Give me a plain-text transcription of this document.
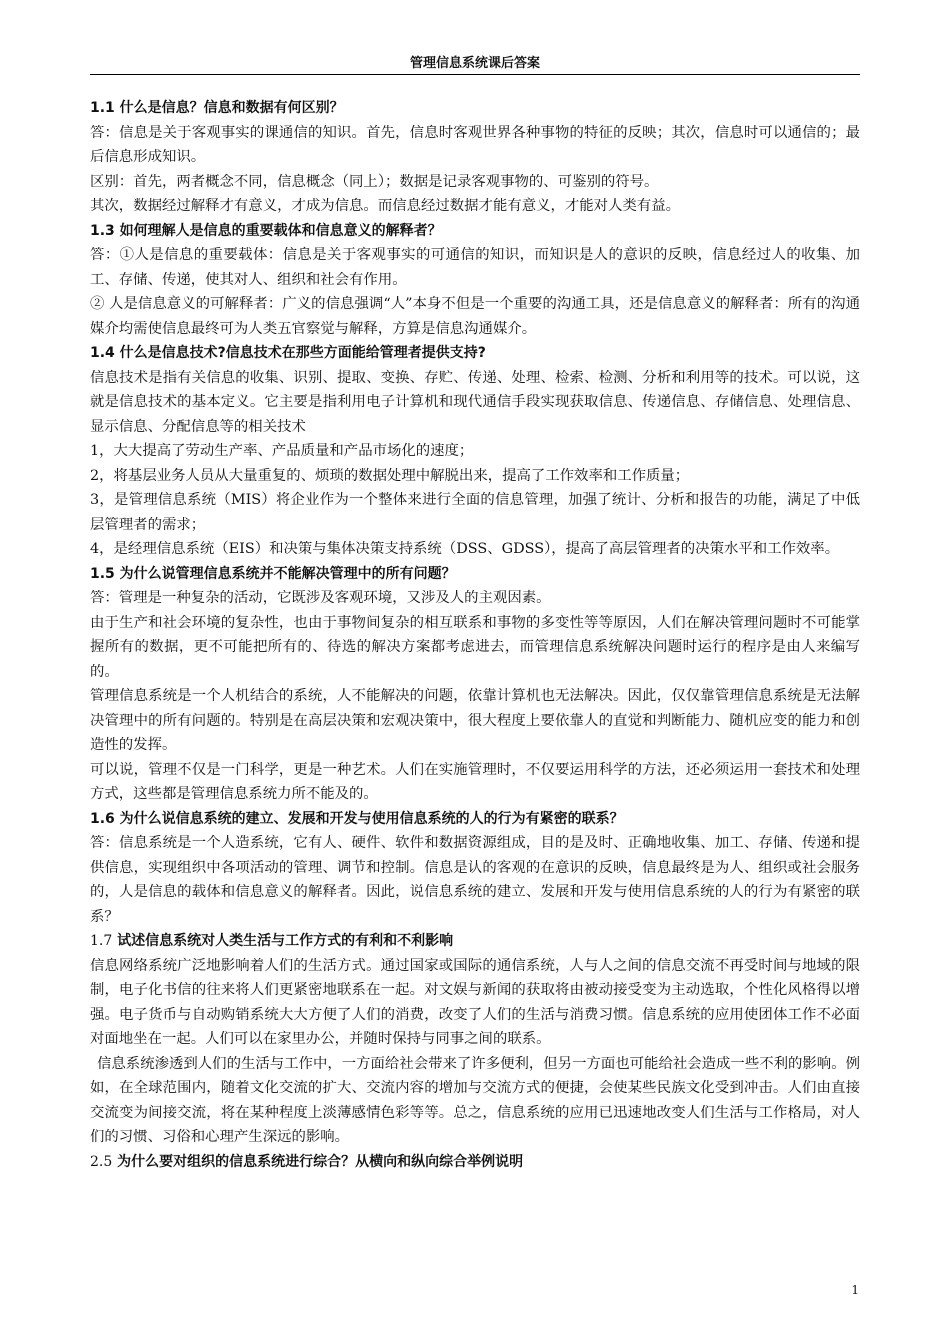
管理信息系统课后答案

1.1 什么是信息？信息和数据有何区别？

答：信息是关于客观事实的课通信的知识。首先，信息时客观世界各种事物的特征的反映；其次，信息时可以通信的；最后信息形成知识。

区别：首先，两者概念不同，信息概念（同上）；数据是记录客观事物的、可鉴别的符号。

其次，数据经过解释才有意义，才成为信息。而信息经过数据才能有意义，才能对人类有益。

1.3 如何理解人是信息的重要载体和信息意义的解释者？

答：①人是信息的重要载体：信息是关于客观事实的可通信的知识，而知识是人的意识的反映，信息经过人的收集、加工、存储、传递，使其对人、组织和社会有作用。

② 人是信息意义的可解释者：广义的信息强调“人”本身不但是一个重要的沟通工具，还是信息意义的解释者：所有的沟通媒介均需使信息最终可为人类五官察觉与解释，方算是信息沟通媒介。

1.4 什么是信息技术?信息技术在那些方面能给管理者提供支持?

信息技术是指有关信息的收集、识别、提取、变换、存贮、传递、处理、检索、检测、分析和利用等的技术。可以说，这就是信息技术的基本定义。它主要是指利用电子计算机和现代通信手段实现获取信息、传递信息、存储信息、处理信息、显示信息、分配信息等的相关技术

1，大大提高了劳动生产率、产品质量和产品市场化的速度；

2，将基层业务人员从大量重复的、烦琐的数据处理中解脱出来，提高了工作效率和工作质量；

3，是管理信息系统（MIS）将企业作为一个整体来进行全面的信息管理，加强了统计、分析和报告的功能，满足了中低层管理者的需求；

4，是经理信息系统（EIS）和决策与集体决策支持系统（DSS、GDSS），提高了高层管理者的决策水平和工作效率。

1.5 为什么说管理信息系统并不能解决管理中的所有问题？

答：管理是一种复杂的活动，它既涉及客观环境，又涉及人的主观因素。

由于生产和社会环境的复杂性，也由于事物间复杂的相互联系和事物的多变性等等原因，人们在解决管理问题时不可能掌握所有的数据，更不可能把所有的、待选的解决方案都考虑进去，而管理信息系统解决问题时运行的程序是由人来编写的。

管理信息系统是一个人机结合的系统，人不能解决的问题，依靠计算机也无法解决。因此，仅仅靠管理信息系统是无法解决管理中的所有问题的。特别是在高层决策和宏观决策中，很大程度上要依靠人的直觉和判断能力、随机应变的能力和创造性的发挥。

可以说，管理不仅是一门科学，更是一种艺术。人们在实施管理时，不仅要运用科学的方法，还必须运用一套技术和处理方式，这些都是管理信息系统力所不能及的。

1.6 为什么说信息系统的建立、发展和开发与使用信息系统的人的行为有紧密的联系？

答：信息系统是一个人造系统，它有人、硬件、软件和数据资源组成，目的是及时、正确地收集、加工、存储、传递和提供信息，实现组织中各项活动的管理、调节和控制。信息是认的客观的在意识的反映，信息最终是为人、组织或社会服务的，人是信息的载体和信息意义的解释者。因此，说信息系统的建立、发展和开发与使用信息系统的人的行为有紧密的联系？

1.7 试述信息系统对人类生活与工作方式的有利和不利影响

信息网络系统广泛地影响着人们的生活方式。通过国家或国际的通信系统，人与人之间的信息交流不再受时间与地域的限制，电子化书信的往来将人们更紧密地联系在一起。对文娱与新闻的获取将由被动接受变为主动选取，个性化风格得以增强。电子货币与自动购销系统大大方便了人们的消费，改变了人们的生活与消费习惯。信息系统的应用使团体工作不必面对面地坐在一起。人们可以在家里办公，并随时保持与同事之间的联系。

信息系统渗透到人们的生活与工作中，一方面给社会带来了许多便利，但另一方面也可能给社会造成一些不利的影响。例如，在全球范围内，随着文化交流的扩大、交流内容的增加与交流方式的便捷，会使某些民族文化受到冲击。人们由直接交流变为间接交流，将在某种程度上淡薄感情色彩等等。总之，信息系统的应用已迅速地改变人们生活与工作格局，对人们的习惯、习俗和心理产生深远的影响。

2.5 为什么要对组织的信息系统进行综合？从横向和纵向综合举例说明

1
